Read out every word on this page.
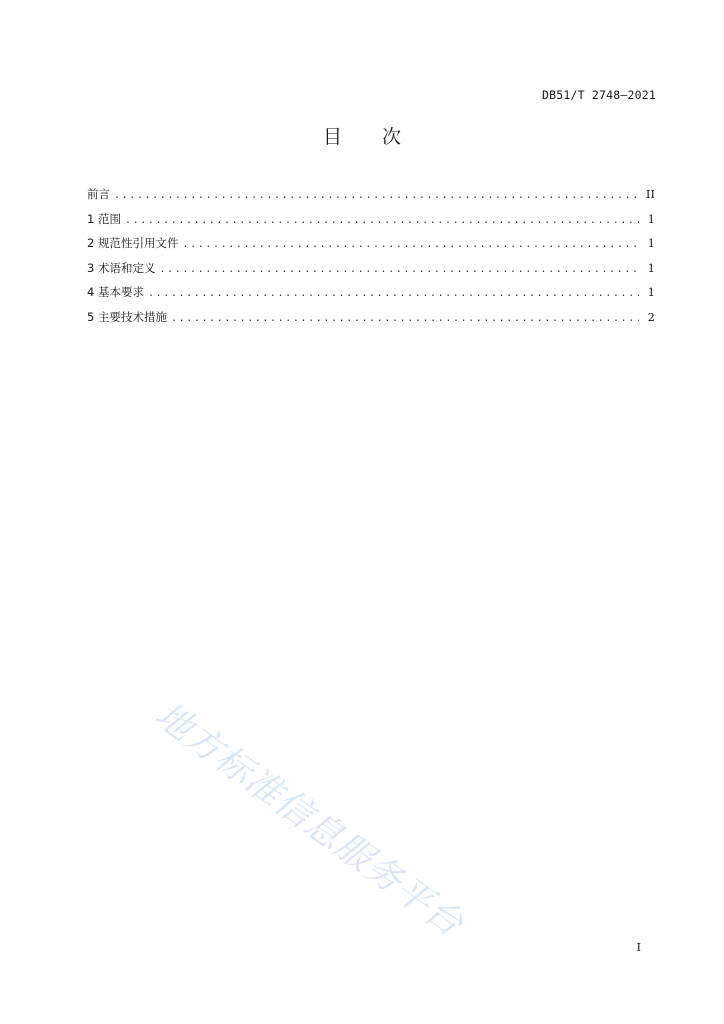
DB51/T 2748—2021
目 次
前言 .....	II
1 范围 .....	1
2 规范性引用文件 .....	1
3 术语和定义 .....	1
4 基本要求 .....	1
5 主要技术措施 .....	2
地方标准信息服务平台
I
